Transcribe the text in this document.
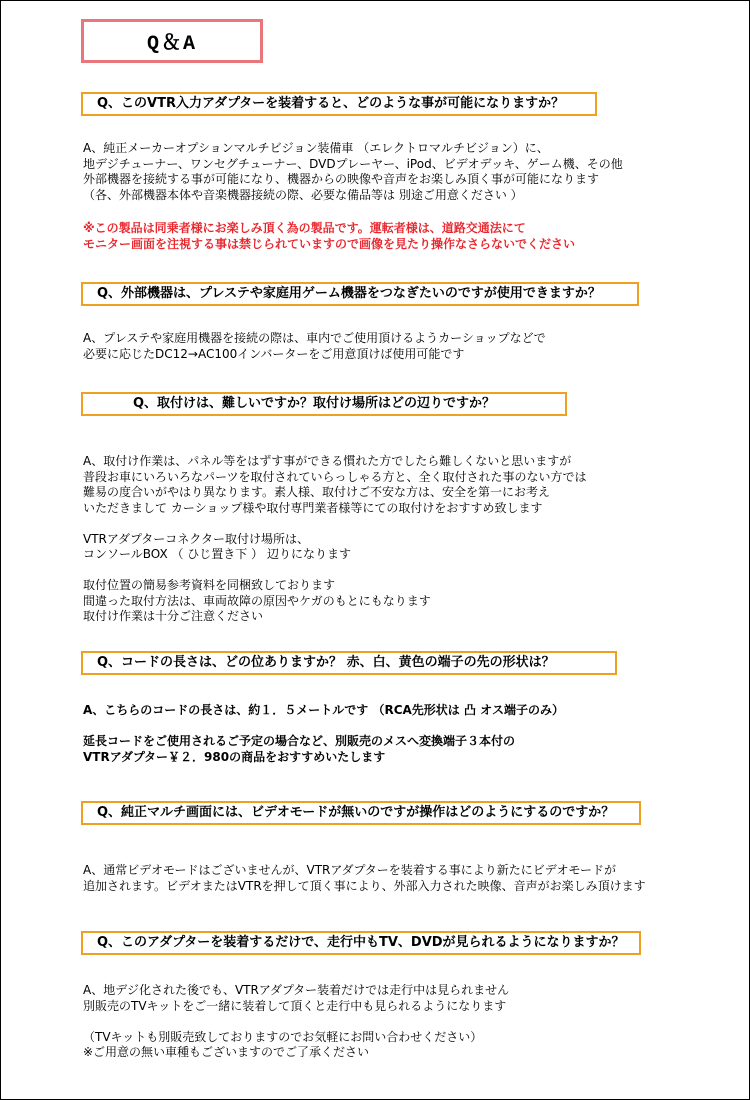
Q＆A
Q、このVTR入力アダプターを装着すると、どのような事が可能になりますか？
A、純正メーカーオプションマルチビジョン装備車 （エレクトロマルチビジョン）に、
地デジチューナー、ワンセグチューナー、DVDプレーヤー、iPod、ビデオデッキ、ゲーム機、その他
外部機器を接続する事が可能になり、機器からの映像や音声をお楽しみ頂く事が可能になります
（各、外部機器本体や音楽機器接続の際、必要な備品等は 別途ご用意ください ）
※この製品は同乗者様にお楽しみ頂く為の製品です。運転者様は、道路交通法にて
モニター画面を注視する事は禁じられていますので画像を見たり操作なさらないでください
Q、外部機器は、プレステや家庭用ゲーム機器をつなぎたいのですが使用できますか？
A、プレステや家庭用機器を接続の際は、車内でご使用頂けるようカーショップなどで
必要に応じたDC12→AC100インバーターをご用意頂けば使用可能です
Q、取付けは、難しいですか？取付け場所はどの辺りですか？
A、取付け作業は、パネル等をはずす事ができる慣れた方でしたら難しくないと思いますが
普段お車にいろいろなパーツを取付されていらっしゃる方と、全く取付された事のない方では
難易の度合いがやはり異なります。素人様、取付けご不安な方は、安全を第一にお考え
いただきまして カーショップ様や取付専門業者様等にての取付けをおすすめ致します
VTRアダプターコネクター取付け場所は、
コンソールBOX （ ひじ置き下 ） 辺りになります
取付位置の簡易参考資料を同梱致しております
間違った取付方法は、車両故障の原因やケガのもとにもなります
取付け作業は十分ご注意ください
Q、コードの長さは、どの位ありますか？ 赤、白、黄色の端子の先の形状は？
A、こちらのコードの長さは、約１．５メートルです （RCA先形状は 凸 オス端子のみ）
延長コードをご使用されるご予定の場合など、別販売のメスへ変換端子３本付の
VTRアダプター￥２．980の商品をおすすめいたします
Q、純正マルチ画面には、ビデオモードが無いのですが操作はどのようにするのですか？
A、通常ビデオモードはございませんが、VTRアダプターを装着する事により新たにビデオモードが
追加されます。ビデオまたはVTRを押して頂く事により、外部入力された映像、音声がお楽しみ頂けます
Q、このアダプターを装着するだけで、走行中もTV、DVDが見られるようになりますか？
A、地デジ化された後でも、VTRアダプター装着だけでは走行中は見られません
別販売のTVキットをご一緒に装着して頂くと走行中も見られるようになります
（TVキットも別販売致しておりますのでお気軽にお問い合わせください）
※ご用意の無い車種もございますのでご了承ください
